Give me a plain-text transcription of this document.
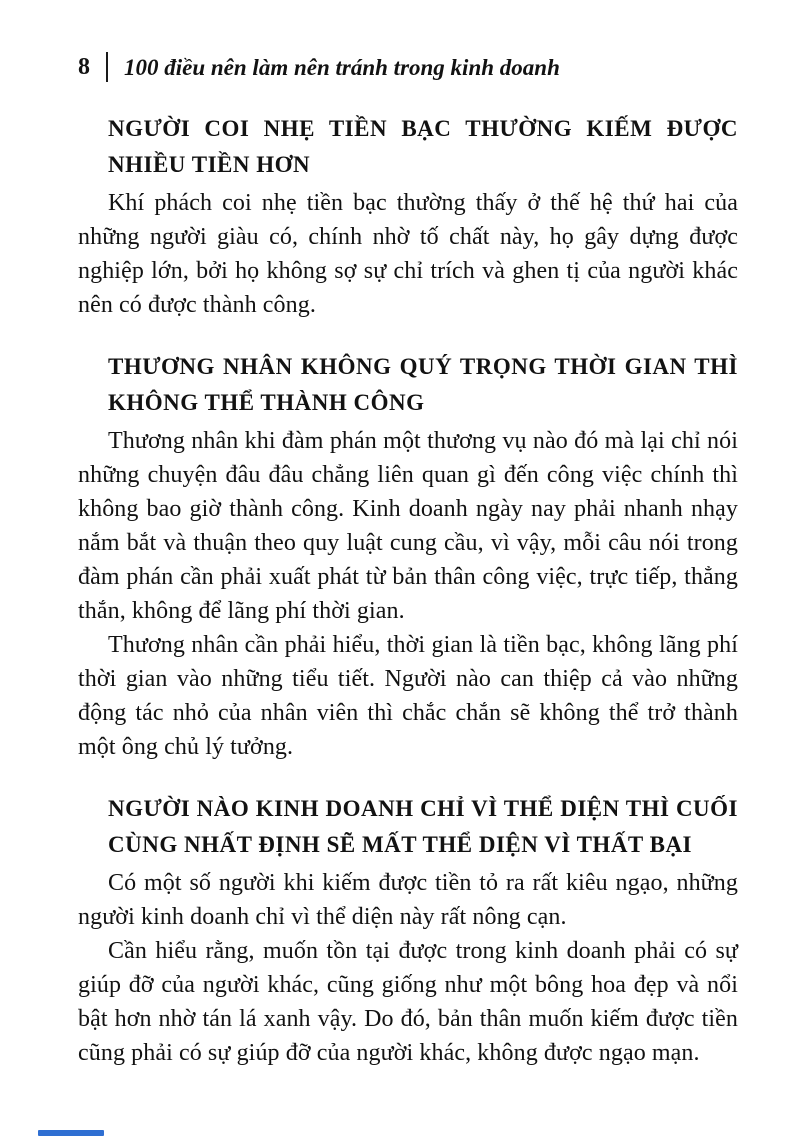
8	100 điều nên làm nên tránh trong kinh doanh
NGƯỜI COI NHẸ TIỀN BẠC THƯỜNG KIẾM ĐƯỢC NHIỀU TIỀN HƠN

Khí phách coi nhẹ tiền bạc thường thấy ở thế hệ thứ hai của những người giàu có, chính nhờ tố chất này, họ gây dựng được nghiệp lớn, bởi họ không sợ sự chỉ trích và ghen tị của người khác nên có được thành công.

THƯƠNG NHÂN KHÔNG QUÝ TRỌNG THỜI GIAN THÌ KHÔNG THỂ THÀNH CÔNG

Thương nhân khi đàm phán một thương vụ nào đó mà lại chỉ nói những chuyện đâu đâu chẳng liên quan gì đến công việc chính thì không bao giờ thành công. Kinh doanh ngày nay phải nhanh nhạy nắm bắt và thuận theo quy luật cung cầu, vì vậy, mỗi câu nói trong đàm phán cần phải xuất phát từ bản thân công việc, trực tiếp, thẳng thắn, không để lãng phí thời gian.

Thương nhân cần phải hiểu, thời gian là tiền bạc, không lãng phí thời gian vào những tiểu tiết. Người nào can thiệp cả vào những động tác nhỏ của nhân viên thì chắc chắn sẽ không thể trở thành một ông chủ lý tưởng.

NGƯỜI NÀO KINH DOANH CHỈ VÌ THỂ DIỆN THÌ CUỐI CÙNG NHẤT ĐỊNH SẼ MẤT THỂ DIỆN VÌ THẤT BẠI

Có một số người khi kiếm được tiền tỏ ra rất kiêu ngạo, những người kinh doanh chỉ vì thể diện này rất nông cạn.

Cần hiểu rằng, muốn tồn tại được trong kinh doanh phải có sự giúp đỡ của người khác, cũng giống như một bông hoa đẹp và nổi bật hơn nhờ tán lá xanh vậy. Do đó, bản thân muốn kiếm được tiền cũng phải có sự giúp đỡ của người khác, không được ngạo mạn.
